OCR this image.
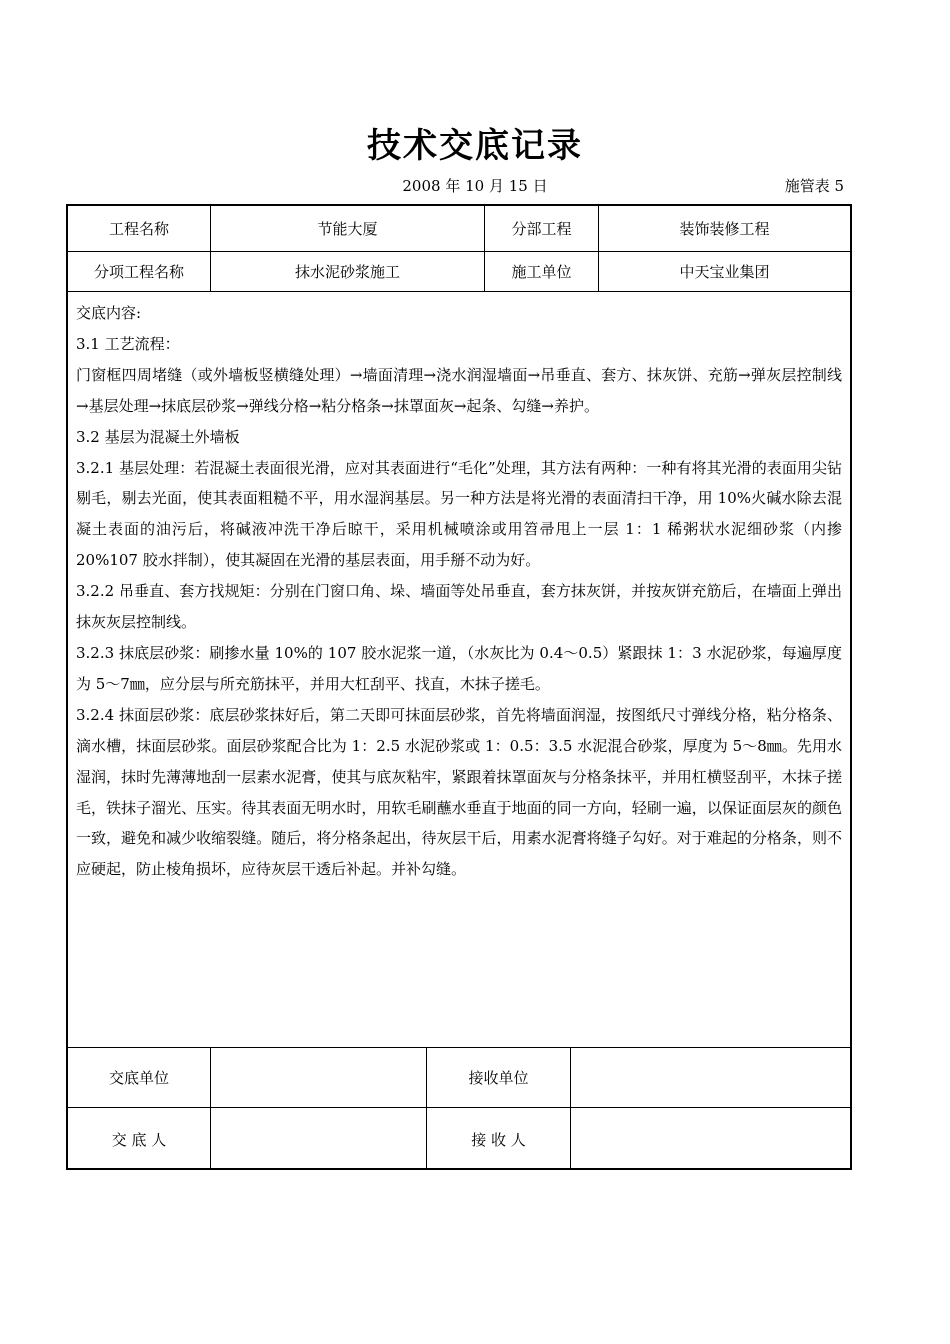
技术交底记录
2008 年 10 月 15 日	施管表 5
工程名称	节能大厦	分部工程	装饰装修工程
分项工程名称	抹水泥砂浆施工	施工单位	中天宝业集团

交底内容:

3.1 工艺流程：

门窗框四周堵缝（或外墙板竖横缝处理）→墙面清理→浇水润湿墙面→吊垂直、套方、抹灰饼、充筋→弹灰层控制线→基层处理→抹底层砂浆→弹线分格→粘分格条→抹罩面灰→起条、勾缝→养护。

3.2 基层为混凝土外墙板

3.2.1 基层处理：若混凝土表面很光滑，应对其表面进行“毛化”处理，其方法有两种：一种有将其光滑的表面用尖钻剔毛，剔去光面，使其表面粗糙不平，用水湿润基层。另一种方法是将光滑的表面清扫干净，用 10%火碱水除去混凝土表面的油污后，将碱液冲洗干净后晾干，采用机械喷涂或用笤帚甩上一层 1：1 稀粥状水泥细砂浆（内掺 20%107 胶水拌制），使其凝固在光滑的基层表面，用手掰不动为好。

3.2.2 吊垂直、套方找规矩：分别在门窗口角、垛、墙面等处吊垂直，套方抹灰饼，并按灰饼充筋后，在墙面上弹出抹灰灰层控制线。

3.2.3 抹底层砂浆：刷掺水量 10%的 107 胶水泥浆一道，（水灰比为 0.4～0.5）紧跟抹 1：3 水泥砂浆，每遍厚度为 5～7㎜，应分层与所充筋抹平，并用大杠刮平、找直，木抹子搓毛。

3.2.4 抹面层砂浆：底层砂浆抹好后，第二天即可抹面层砂浆，首先将墙面润湿，按图纸尺寸弹线分格，粘分格条、滴水槽，抹面层砂浆。面层砂浆配合比为 1：2.5 水泥砂浆或 1：0.5：3.5 水泥混合砂浆，厚度为 5～8㎜。先用水湿润，抹时先薄薄地刮一层素水泥膏，使其与底灰粘牢，紧跟着抹罩面灰与分格条抹平，并用杠横竖刮平，木抹子搓毛，铁抹子溜光、压实。待其表面无明水时，用软毛刷蘸水垂直于地面的同一方向，轻刷一遍，以保证面层灰的颜色一致，避免和减少收缩裂缝。随后，将分格条起出，待灰层干后，用素水泥膏将缝子勾好。对于难起的分格条，则不应硬起，防止棱角损坏，应待灰层干透后补起。并补勾缝。

交底单位	接收单位
交 底 人	接 收 人
